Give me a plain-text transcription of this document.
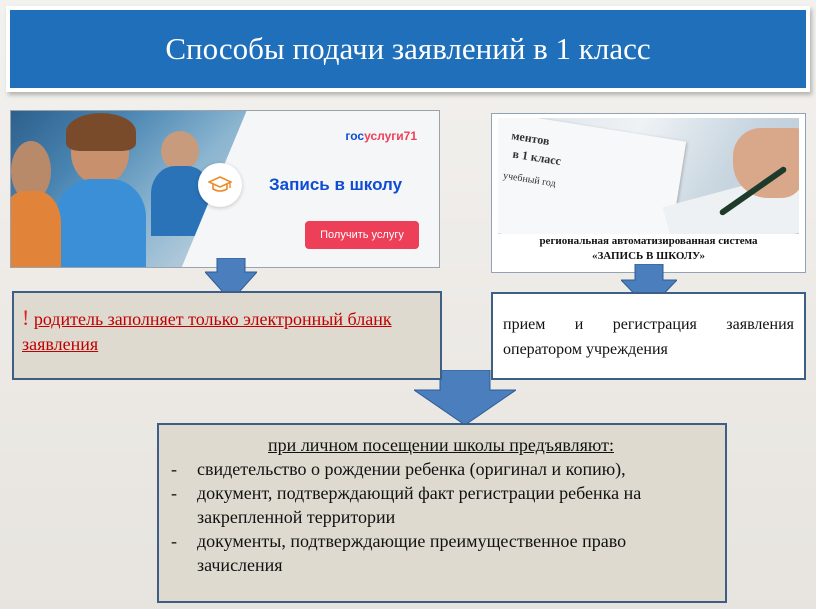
Способы подачи заявлений в 1 класс
госуслуги71
Запись в школу
Получить услугу
ментов
в 1 класс
учебный год
региональная автоматизированная система
«ЗАПИСЬ В ШКОЛУ»
! родитель заполняет только электронный бланк заявления
прием и регистрация заявления оператором учреждения
при личном посещении школы предъявляют:
- свидетельство о рождении ребенка (оригинал и копию),
- документ, подтверждающий факт регистрации ребенка на закрепленной территории
- документы, подтверждающие преимущественное право зачисления
